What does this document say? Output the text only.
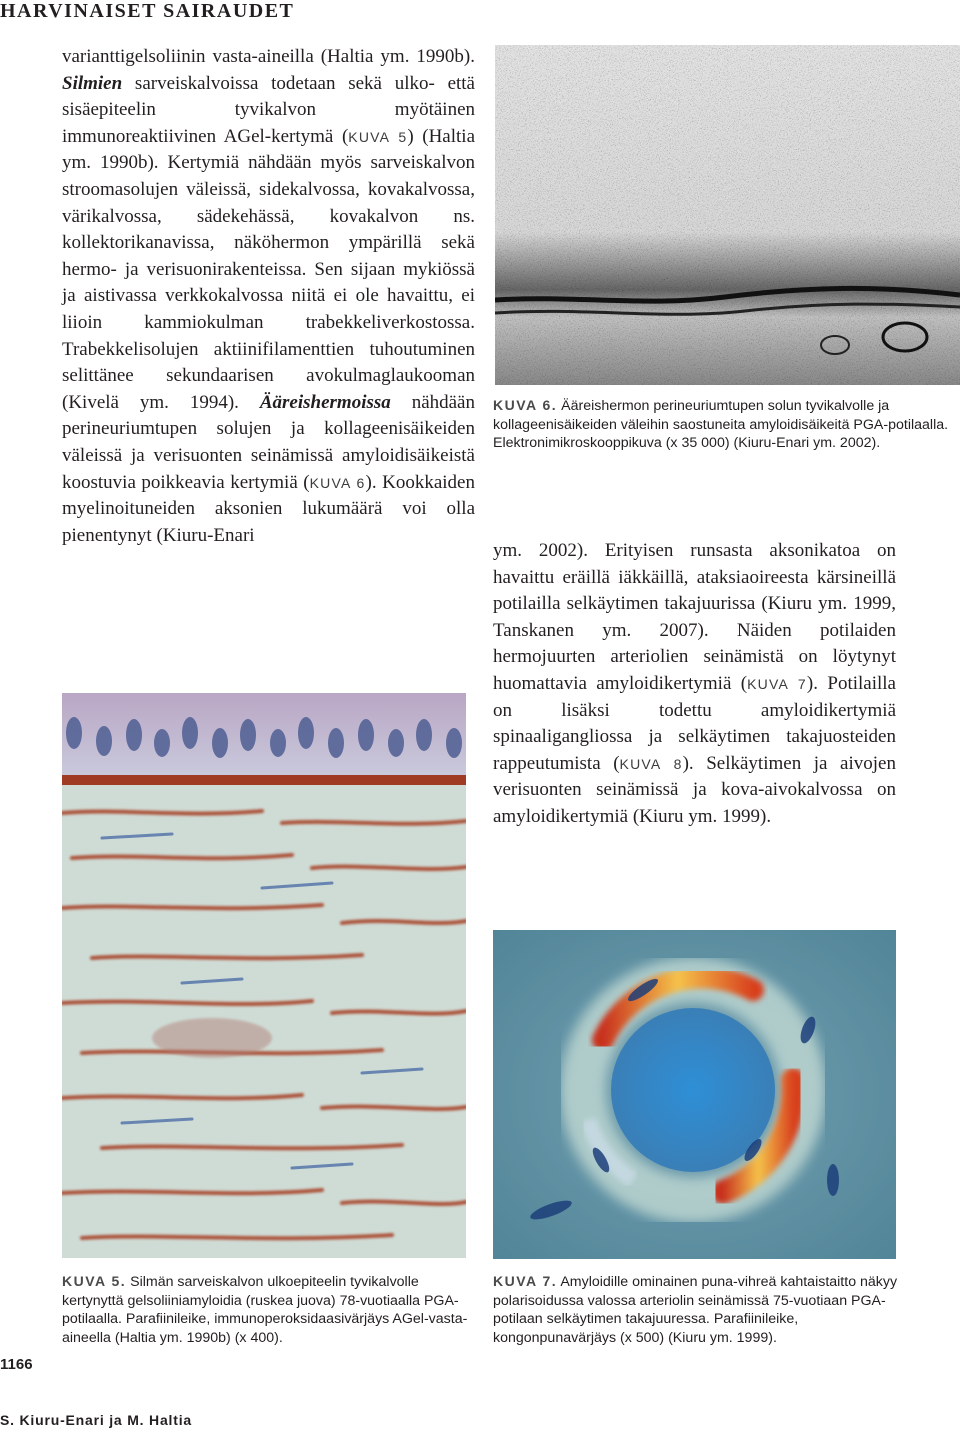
HARVINAISET SAIRAUDET

varianttigelsoliinin vasta-aineilla (Haltia ym. 1990b). Silmien sarveiskalvoissa todetaan sekä ulko- että sisäepiteelin tyvikalvon myötäinen immunoreaktiivinen AGel-kertymä (KUVA 5) (Haltia ym. 1990b). Kertymiä nähdään myös sarveiskalvon stroomasolujen väleissä, sidekalvossa, kovakalvossa, värikalvossa, sädekehässä, kovakalvon ns. kollektorikanavissa, näköhermon ympärillä sekä hermo- ja verisuonirakenteissa. Sen sijaan mykiössä ja aistivassa verkkokalvossa niitä ei ole havaittu, ei liioin kammiokulman trabekkeliverkostossa. Trabekkelisolujen aktiinifilamenttien tuhoutuminen selittänee sekundaarisen avokulmaglaukooman (Kivelä ym. 1994). Ääreishermoissa nähdään perineuriumtupen solujen ja kollageenisäikeiden väleissä ja verisuonten seinämissä amyloidisäikeistä koostuvia poikkeavia kertymiä (KUVA 6). Kookkaiden myelinoituneiden aksonien lukumäärä voi olla pienentynyt (Kiuru-Enari

KUVA 6. Ääreishermon perineuriumtupen solun tyvikalvolle ja kollageenisäikeiden väleihin saostuneita amyloidisäikeitä PGA-potilaalla. Elektronimikroskooppikuva (x 35 000) (Kiuru-Enari ym. 2002).

ym. 2002). Erityisen runsasta aksonikatoa on havaittu eräillä iäkkäillä, ataksiaoireesta kärsineillä potilailla selkäytimen takajuurissa (Kiuru ym. 1999, Tanskanen ym. 2007). Näiden potilaiden hermojuurten arteriolien seinämistä on löytynyt huomattavia amyloidikertymiä (KUVA 7). Potilailla on lisäksi todettu amyloidikertymiä spinaaligangliossa ja selkäytimen takajuosteiden rappeutumista (KUVA 8). Selkäytimen ja aivojen verisuonten seinämissä ja kova-aivokalvossa on amyloidikertymiä (Kiuru ym. 1999).

KUVA 5. Silmän sarveiskalvon ulkoepiteelin tyvikalvolle kertynyttä gelsoliiniamyloidia (ruskea juova) 78-vuotiaalla PGA-potilaalla. Parafiinileike, immunoperoksidaasivärjäys AGel-vasta-aineella (Haltia ym. 1990b) (x 400).
KUVA 7. Amyloidille ominainen puna-vihreä kahtaistaitto näkyy polarisoidussa valossa arteriolin seinämissä 75-vuotiaan PGA-potilaan selkäytimen takajuuressa. Parafiinileike, kongonpunavärjäys (x 500) (Kiuru ym. 1999).
1166
S. Kiuru-Enari ja M. Haltia
